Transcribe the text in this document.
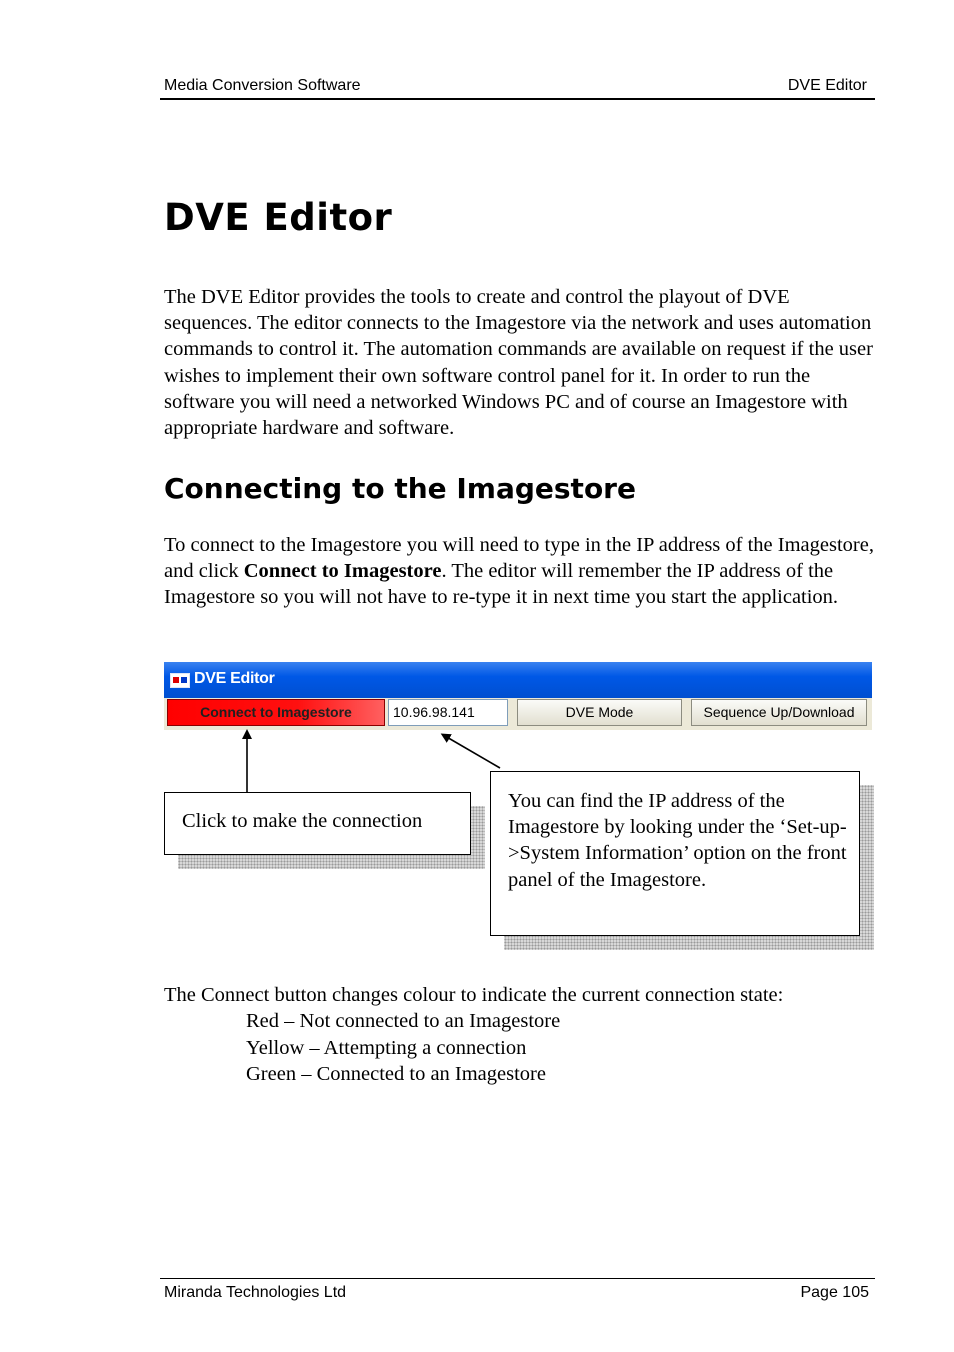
Media Conversion Software	DVE Editor
DVE Editor

The DVE Editor provides the tools to create and control the playout of DVE sequences. The editor connects to the Imagestore via the network and uses automation commands to control it. The automation commands are available on request if the user wishes to implement their own software control panel for it. In order to run the software you will need a networked Windows PC and of course an Imagestore with appropriate hardware and software.

Connecting to the Imagestore

To connect to the Imagestore you will need to type in the IP address of the Imagestore, and click Connect to Imagestore. The editor will remember the IP address of the Imagestore so you will not have to re-type it in next time you start the application.

DVE Editor
Connect to Imagestore	10.96.98.141	DVE Mode	Sequence Up/Download
Click to make the connection
You can find the IP address of the Imagestore by looking under the ‘Set-up->System Information’ option on the front panel of the Imagestore.

The Connect button changes colour to indicate the current connection state:

Red – Not connected to an Imagestore
Yellow – Attempting a connection
Green – Connected to an Imagestore
Miranda Technologies Ltd	Page 105
